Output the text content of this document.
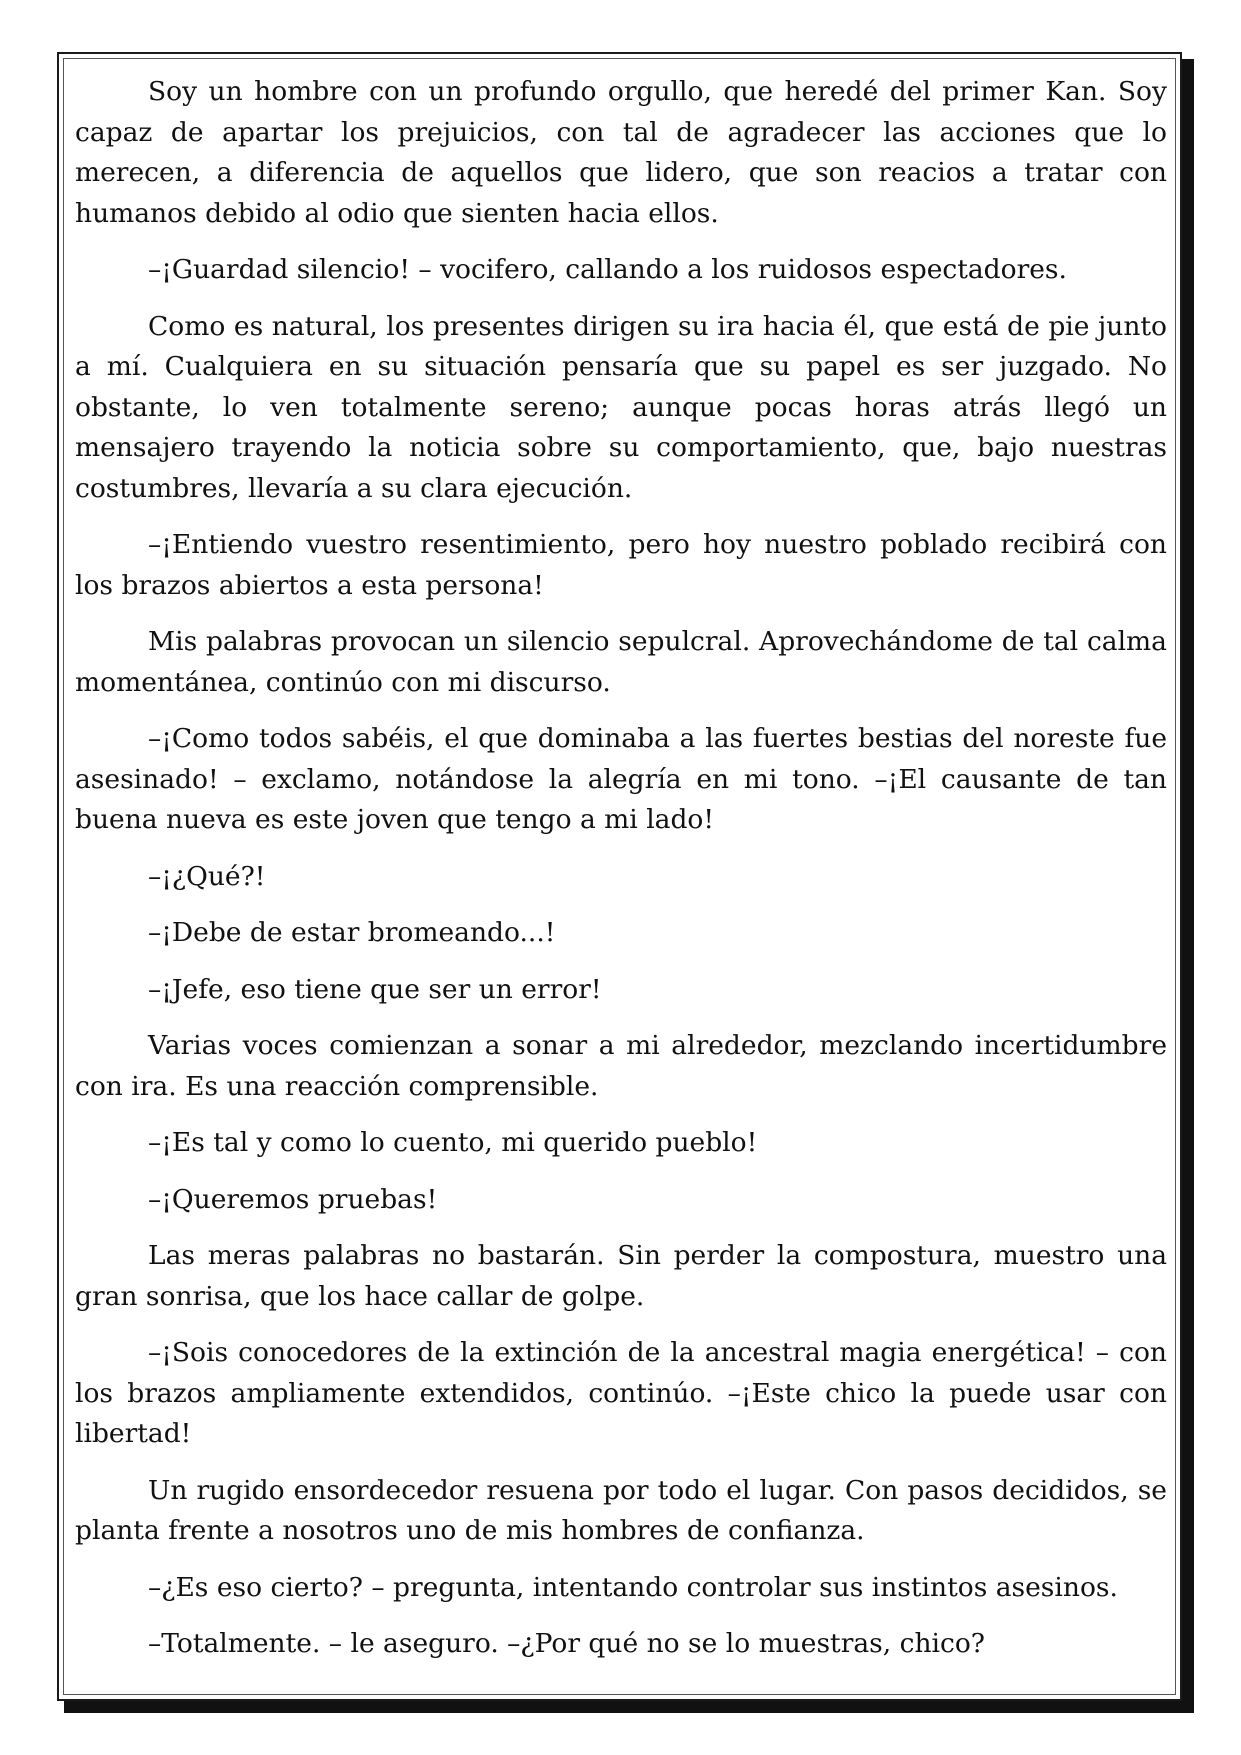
Soy un hombre con un profundo orgullo, que heredé del primer Kan. Soy capaz de apartar los prejuicios, con tal de agradecer las acciones que lo merecen, a diferencia de aquellos que lidero, que son reacios a tratar con humanos debido al odio que sienten hacia ellos.

–¡Guardad silencio! – vocifero, callando a los ruidosos espectadores.

Como es natural, los presentes dirigen su ira hacia él, que está de pie junto a mí. Cualquiera en su situación pensaría que su papel es ser juzgado. No obstante, lo ven totalmente sereno; aunque pocas horas atrás llegó un mensajero trayendo la noticia sobre su comportamiento, que, bajo nuestras costumbres, llevaría a su clara ejecución.

–¡Entiendo vuestro resentimiento, pero hoy nuestro poblado recibirá con los brazos abiertos a esta persona!

Mis palabras provocan un silencio sepulcral. Aprovechándome de tal calma momentánea, continúo con mi discurso.

–¡Como todos sabéis, el que dominaba a las fuertes bestias del noreste fue asesinado! – exclamo, notándose la alegría en mi tono. –¡El causante de tan buena nueva es este joven que tengo a mi lado!

–¡¿Qué?!

–¡Debe de estar bromeando...!

–¡Jefe, eso tiene que ser un error!

Varias voces comienzan a sonar a mi alrededor, mezclando incertidumbre con ira. Es una reacción comprensible.

–¡Es tal y como lo cuento, mi querido pueblo!

–¡Queremos pruebas!

Las meras palabras no bastarán. Sin perder la compostura, muestro una gran sonrisa, que los hace callar de golpe.

–¡Sois conocedores de la extinción de la ancestral magia energética! – con los brazos ampliamente extendidos, continúo. –¡Este chico la puede usar con libertad!

Un rugido ensordecedor resuena por todo el lugar. Con pasos decididos, se planta frente a nosotros uno de mis hombres de confianza.

–¿Es eso cierto? – pregunta, intentando controlar sus instintos asesinos.

–Totalmente. – le aseguro. –¿Por qué no se lo muestras, chico?
